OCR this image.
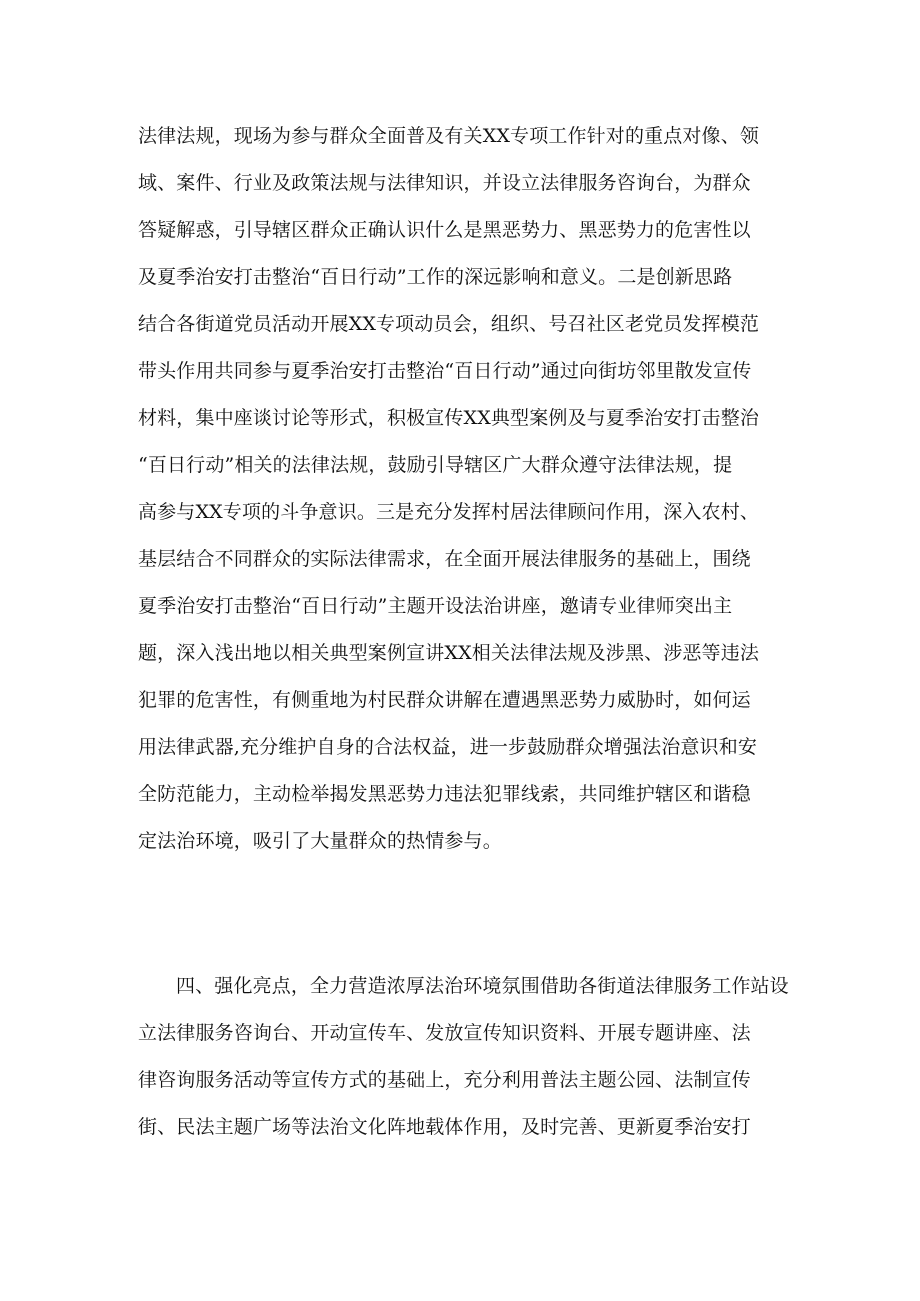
法律法规，现场为参与群众全面普及有关XX专项工作针对的重点对像、领
域、案件、行业及政策法规与法律知识，并设立法律服务咨询台，为群众
答疑解惑，引导辖区群众正确认识什么是黑恶势力、黑恶势力的危害性以
及夏季治安打击整治“百日行动”工作的深远影响和意义。二是创新思路
结合各街道党员活动开展XX专项动员会，组织、号召社区老党员发挥模范
带头作用共同参与夏季治安打击整治“百日行动”通过向街坊邻里散发宣传
材料，集中座谈讨论等形式，积极宣传XX典型案例及与夏季治安打击整治
“百日行动”相关的法律法规，鼓励引导辖区广大群众遵守法律法规，提
高参与XX专项的斗争意识。三是充分发挥村居法律顾问作用，深入农村、
基层结合不同群众的实际法律需求，在全面开展法律服务的基础上，围绕
夏季治安打击整治“百日行动”主题开设法治讲座，邀请专业律师突出主
题，深入浅出地以相关典型案例宣讲XX相关法律法规及涉黑、涉恶等违法
犯罪的危害性，有侧重地为村民群众讲解在遭遇黑恶势力威胁时，如何运
用法律武器,充分维护自身的合法权益，进一步鼓励群众增强法治意识和安
全防范能力，主动检举揭发黑恶势力违法犯罪线索，共同维护辖区和谐稳
定法治环境，吸引了大量群众的热情参与。
四、强化亮点，全力营造浓厚法治环境氛围借助各街道法律服务工作站设
立法律服务咨询台、开动宣传车、发放宣传知识资料、开展专题讲座、法
律咨询服务活动等宣传方式的基础上，充分利用普法主题公园、法制宣传
街、民法主题广场等法治文化阵地载体作用，及时完善、更新夏季治安打
